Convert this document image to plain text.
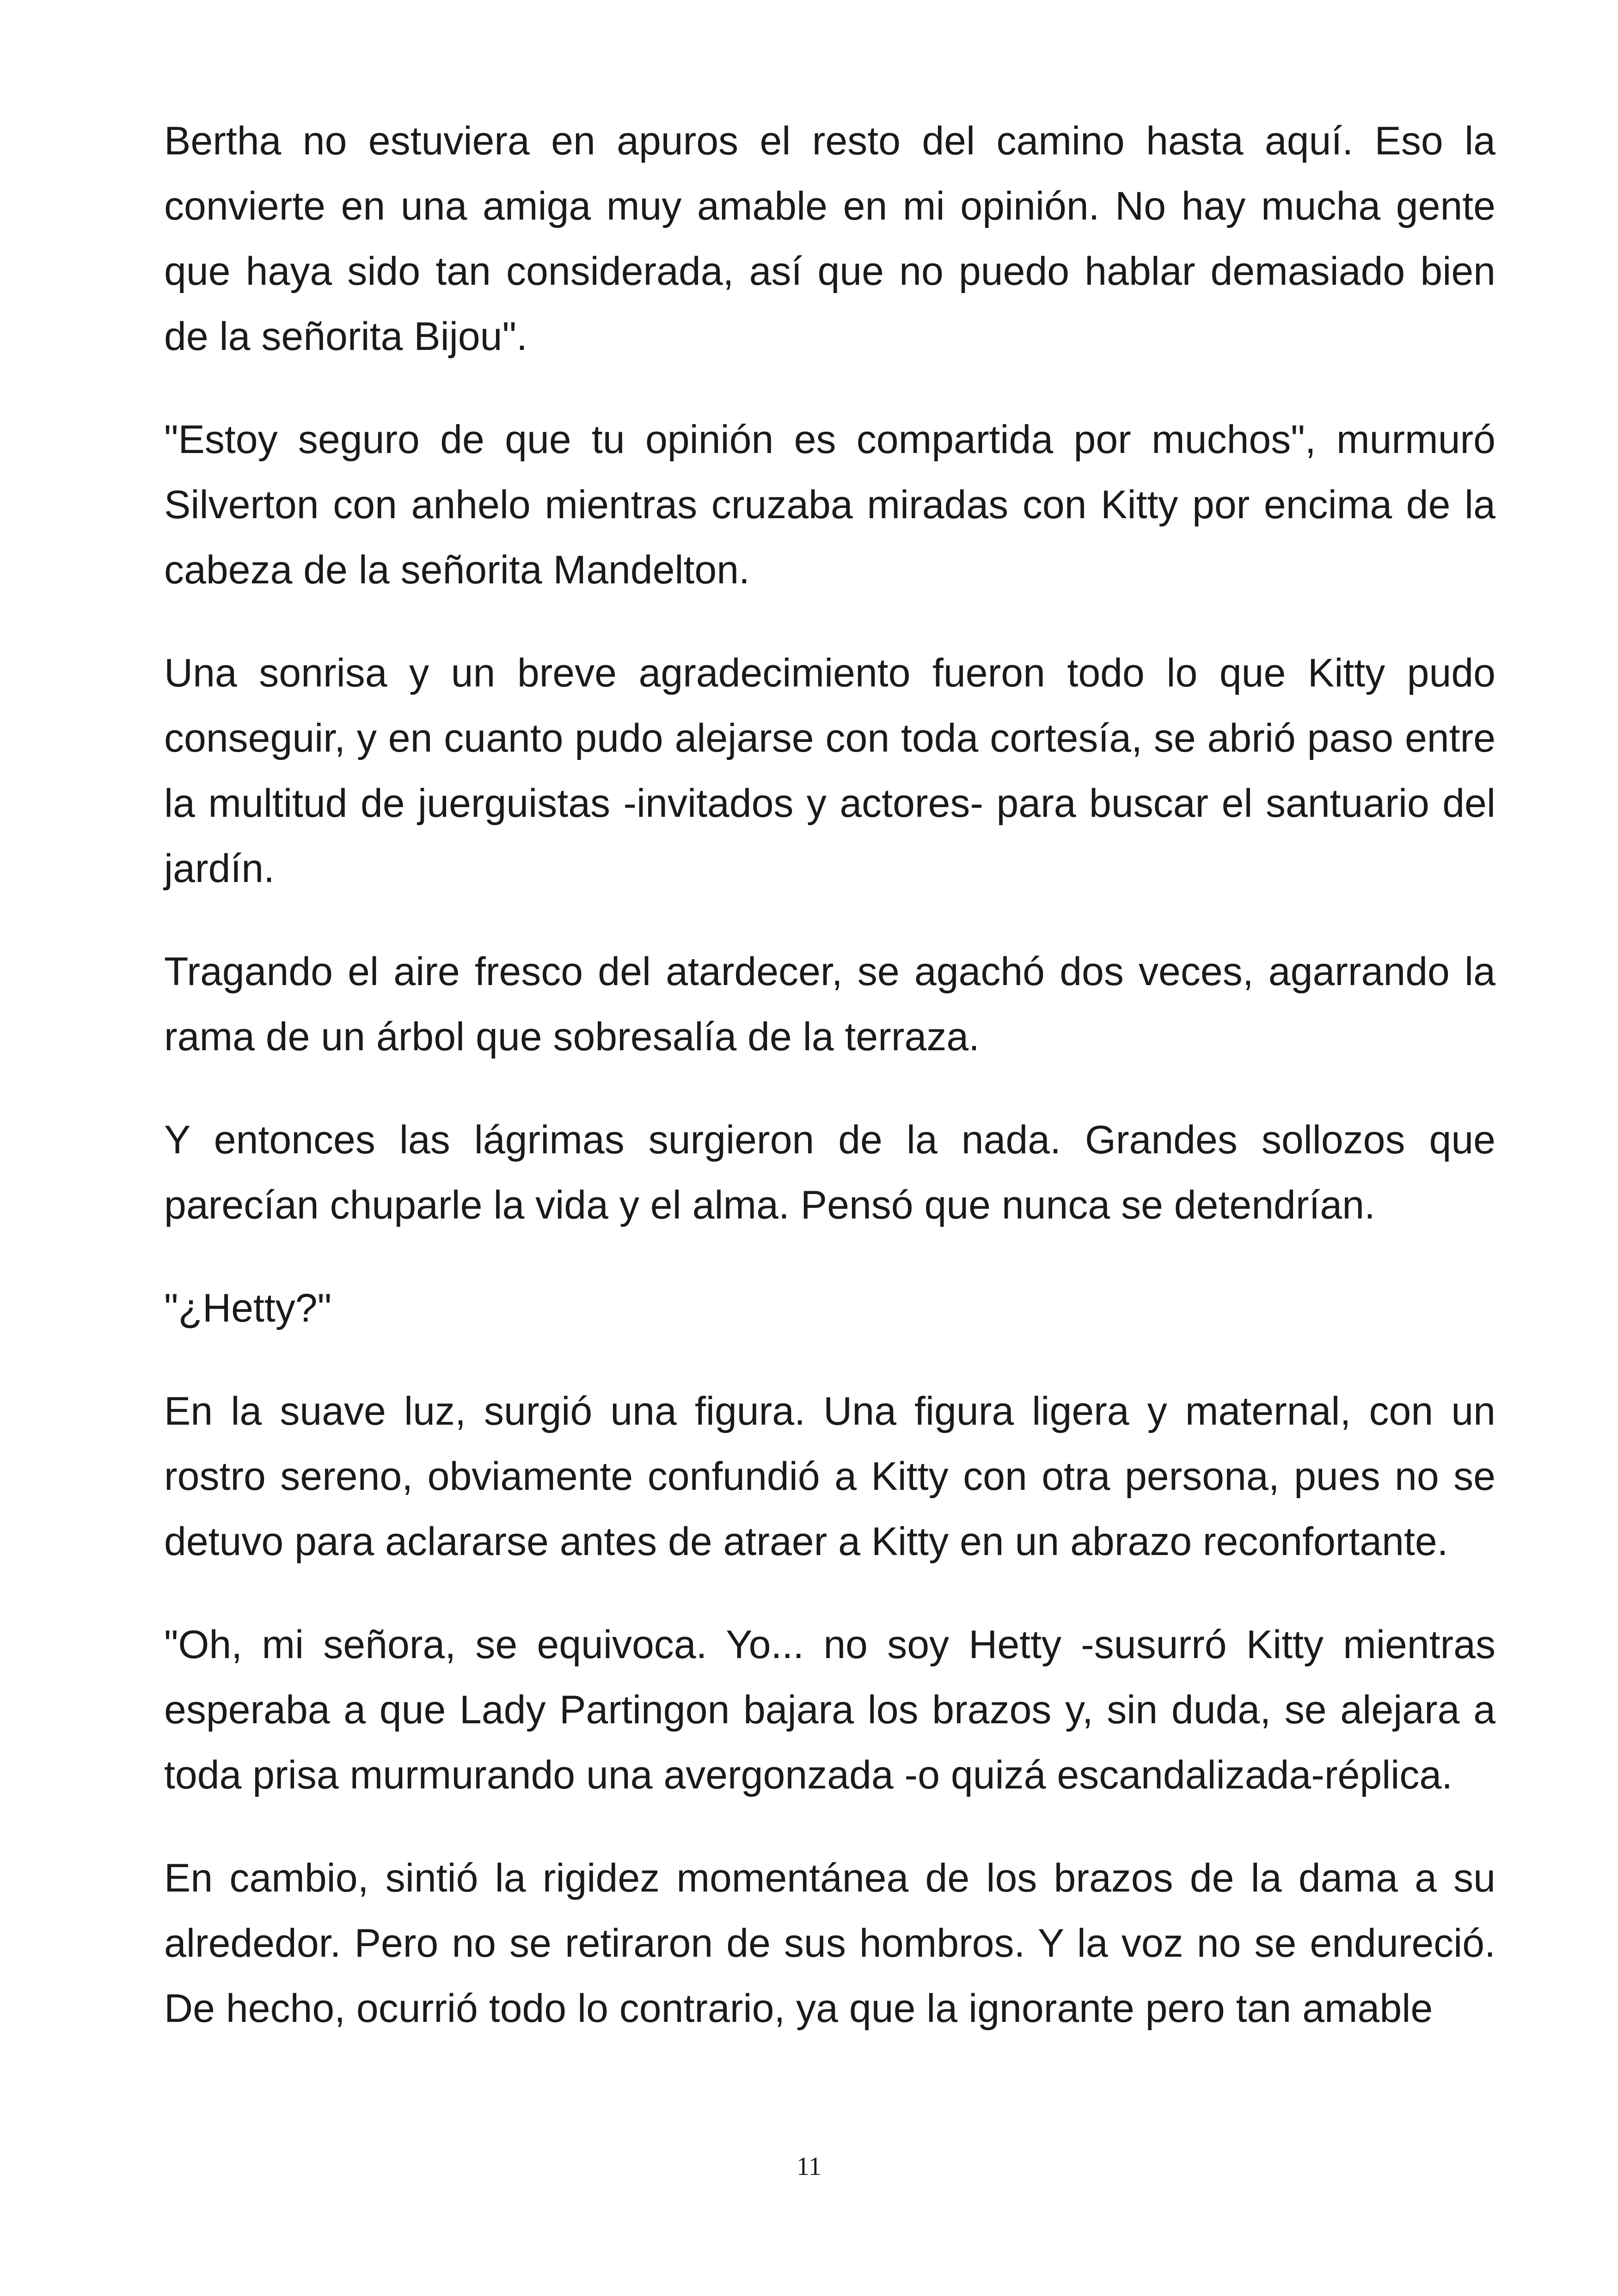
Bertha no estuviera en apuros el resto del camino hasta aquí. Eso la convierte en una amiga muy amable en mi opinión. No hay mucha gente que haya sido tan considerada, así que no puedo hablar demasiado bien de la señorita Bijou".

"Estoy seguro de que tu opinión es compartida por muchos", murmuró Silverton con anhelo mientras cruzaba miradas con Kitty por encima de la cabeza de la señorita Mandelton.

Una sonrisa y un breve agradecimiento fueron todo lo que Kitty pudo conseguir, y en cuanto pudo alejarse con toda cortesía, se abrió paso entre la multitud de juerguistas -invitados y actores- para buscar el santuario del jardín.

Tragando el aire fresco del atardecer, se agachó dos veces, agarrando la rama de un árbol que sobresalía de la terraza.

Y entonces las lágrimas surgieron de la nada. Grandes sollozos que parecían chuparle la vida y el alma. Pensó que nunca se detendrían.

"¿Hetty?"

En la suave luz, surgió una figura. Una figura ligera y maternal, con un rostro sereno, obviamente confundió a Kitty con otra persona, pues no se detuvo para aclararse antes de atraer a Kitty en un abrazo reconfortante.

"Oh, mi señora, se equivoca. Yo... no soy Hetty -susurró Kitty mientras esperaba a que Lady Partingon bajara los brazos y, sin duda, se alejara a toda prisa murmurando una avergonzada -o quizá escandalizada-réplica.

En cambio, sintió la rigidez momentánea de los brazos de la dama a su alrededor. Pero no se retiraron de sus hombros. Y la voz no se endureció. De hecho, ocurrió todo lo contrario, ya que la ignorante pero tan amable

11
